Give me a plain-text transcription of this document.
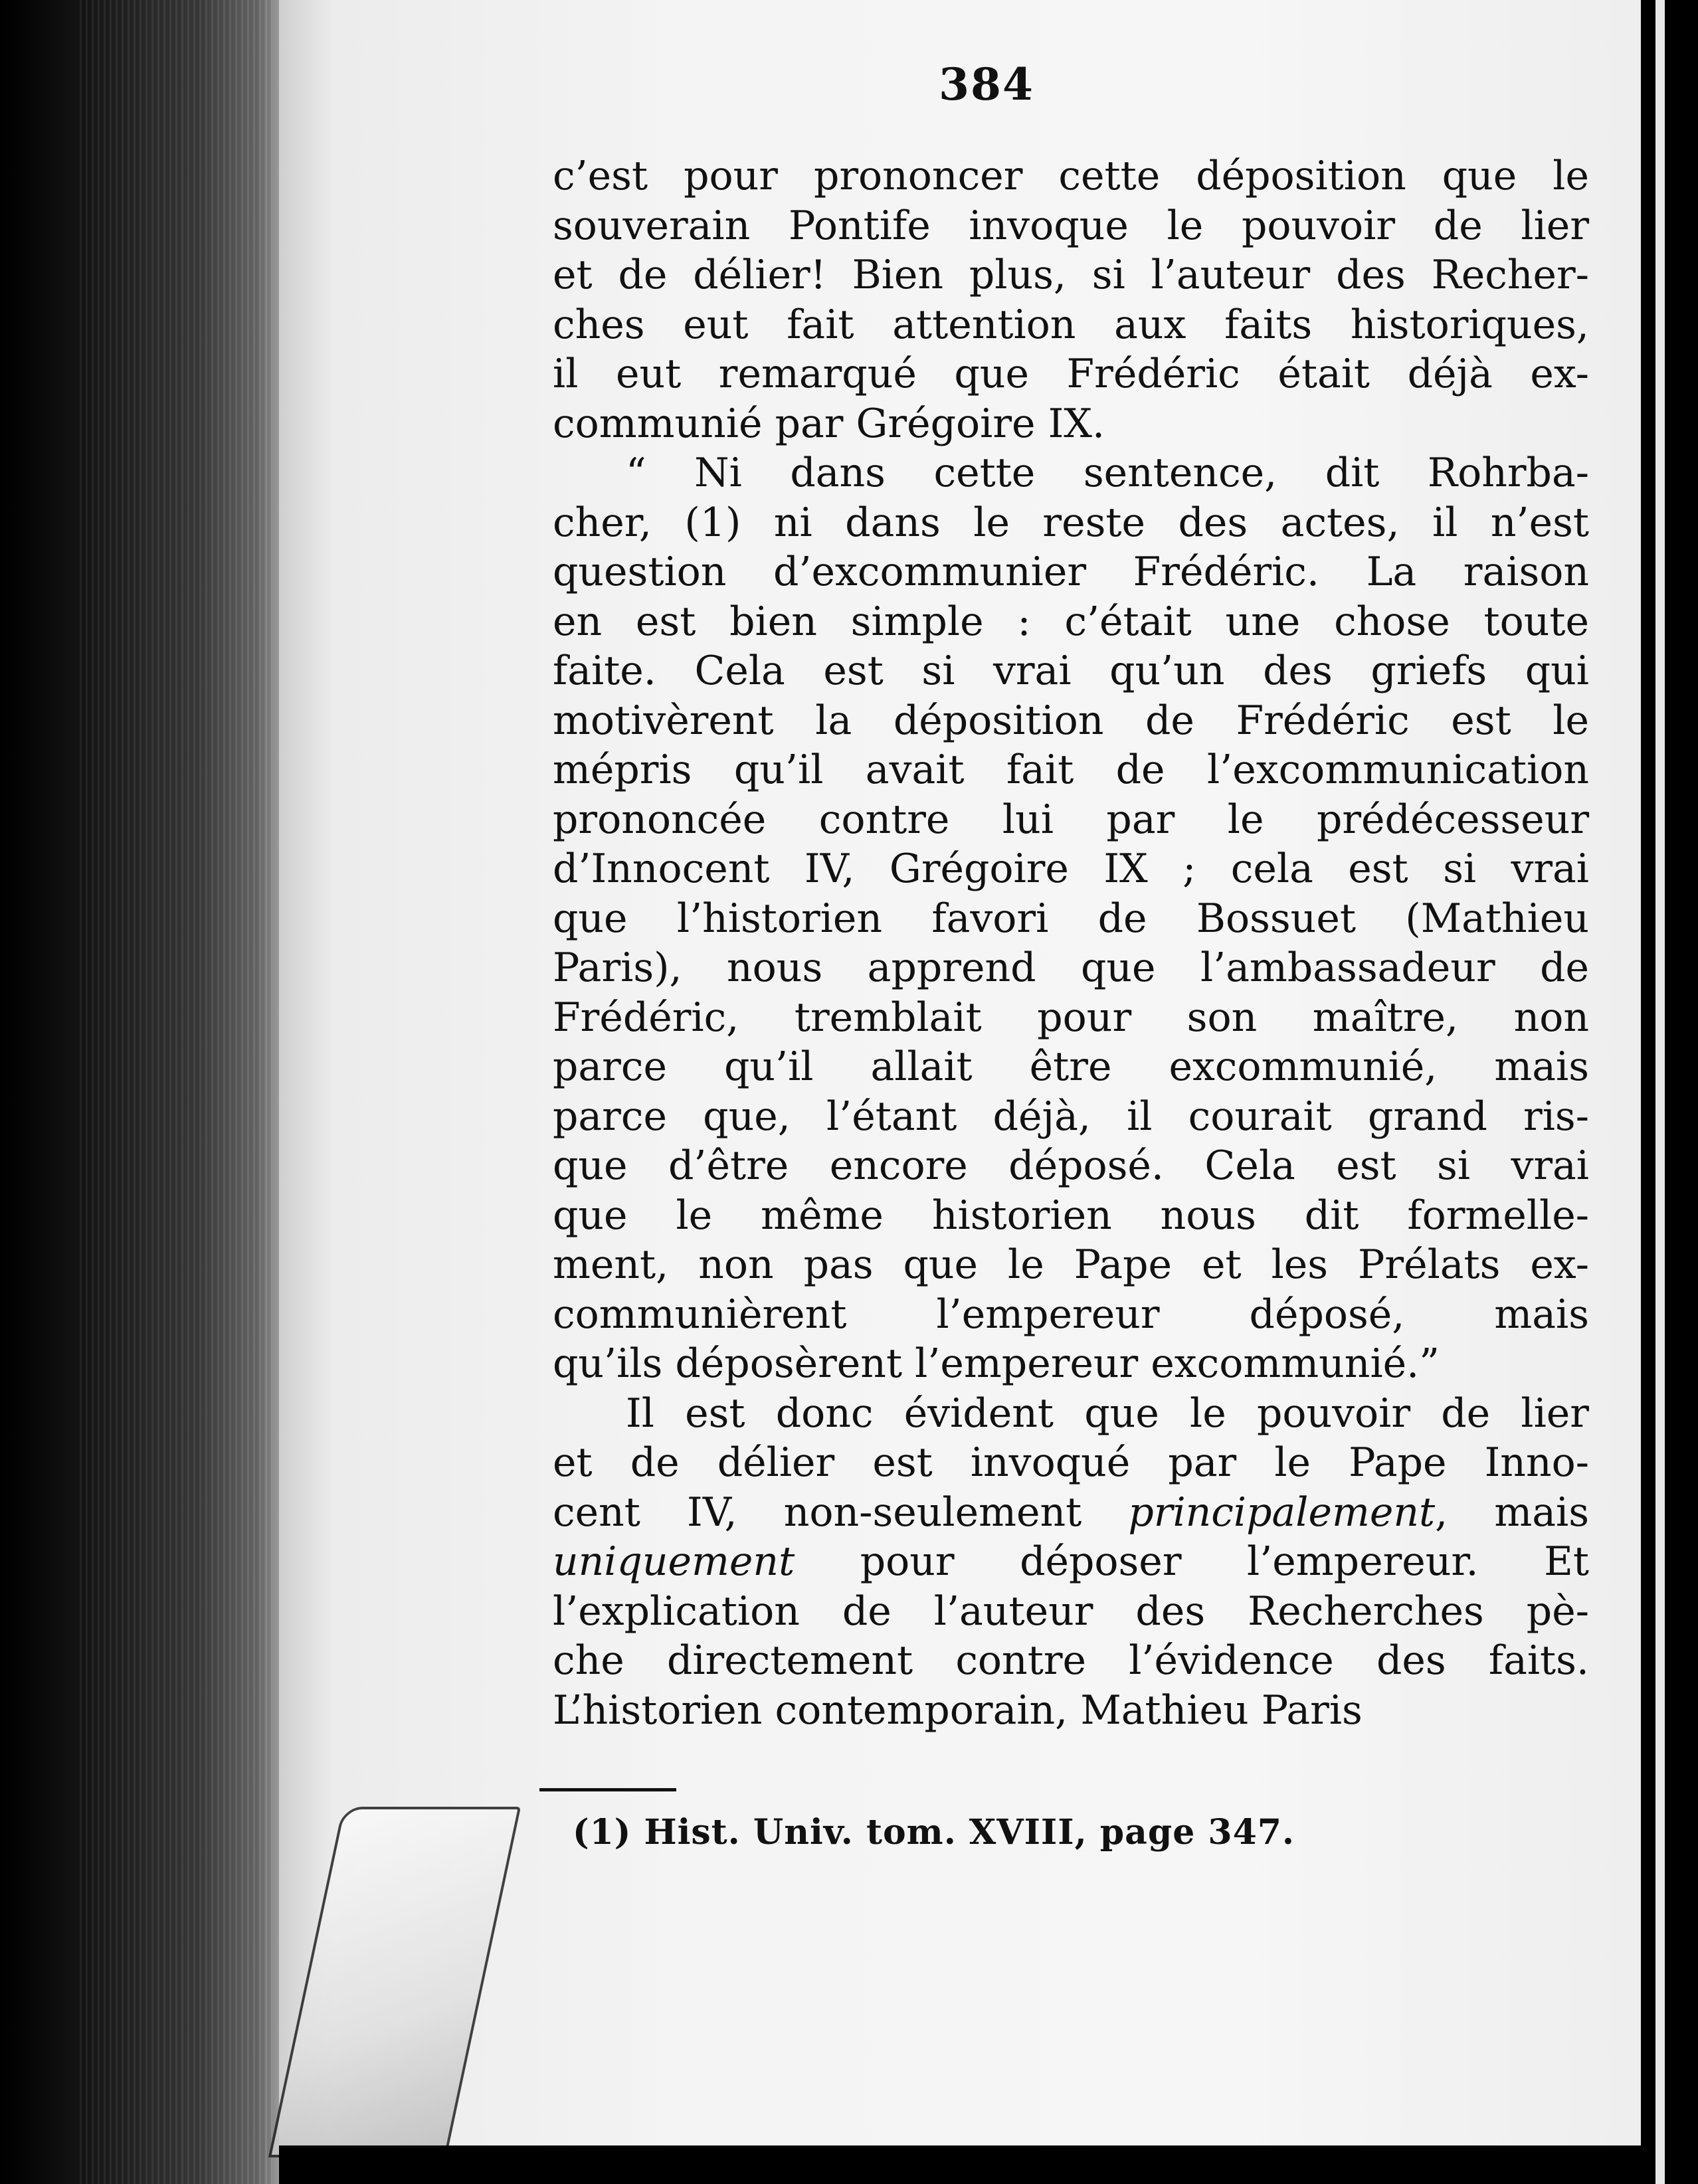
384
c’est pour prononcer cette déposition que le
souverain Pontife invoque le pouvoir de lier
et de délier! Bien plus, si l’auteur des Recher-
ches eut fait attention aux faits historiques,
il eut remarqué que Frédéric était déjà ex-
communié par Grégoire IX.
“ Ni dans cette sentence, dit Rohrba-
cher, (1) ni dans le reste des actes, il n’est
question d’excommunier Frédéric. La raison
en est bien simple : c’était une chose toute
faite. Cela est si vrai qu’un des griefs qui
motivèrent la déposition de Frédéric est le
mépris qu’il avait fait de l’excommunication
prononcée contre lui par le prédécesseur
d’Innocent IV, Grégoire IX ; cela est si vrai
que l’historien favori de Bossuet (Mathieu
Paris), nous apprend que l’ambassadeur de
Frédéric, tremblait pour son maître, non
parce qu’il allait être excommunié, mais
parce que, l’étant déjà, il courait grand ris-
que d’être encore déposé. Cela est si vrai
que le même historien nous dit formelle-
ment, non pas que le Pape et les Prélats ex-
communièrent l’empereur déposé, mais
qu’ils déposèrent l’empereur excommunié.”
Il est donc évident que le pouvoir de lier
et de délier est invoqué par le Pape Inno-
cent IV, non-seulement principalement, mais
uniquement pour déposer l’empereur. Et
l’explication de l’auteur des Recherches pè-
che directement contre l’évidence des faits.
L’historien contemporain, Mathieu Paris
(1) Hist. Univ. tom. XVIII, page 347.
